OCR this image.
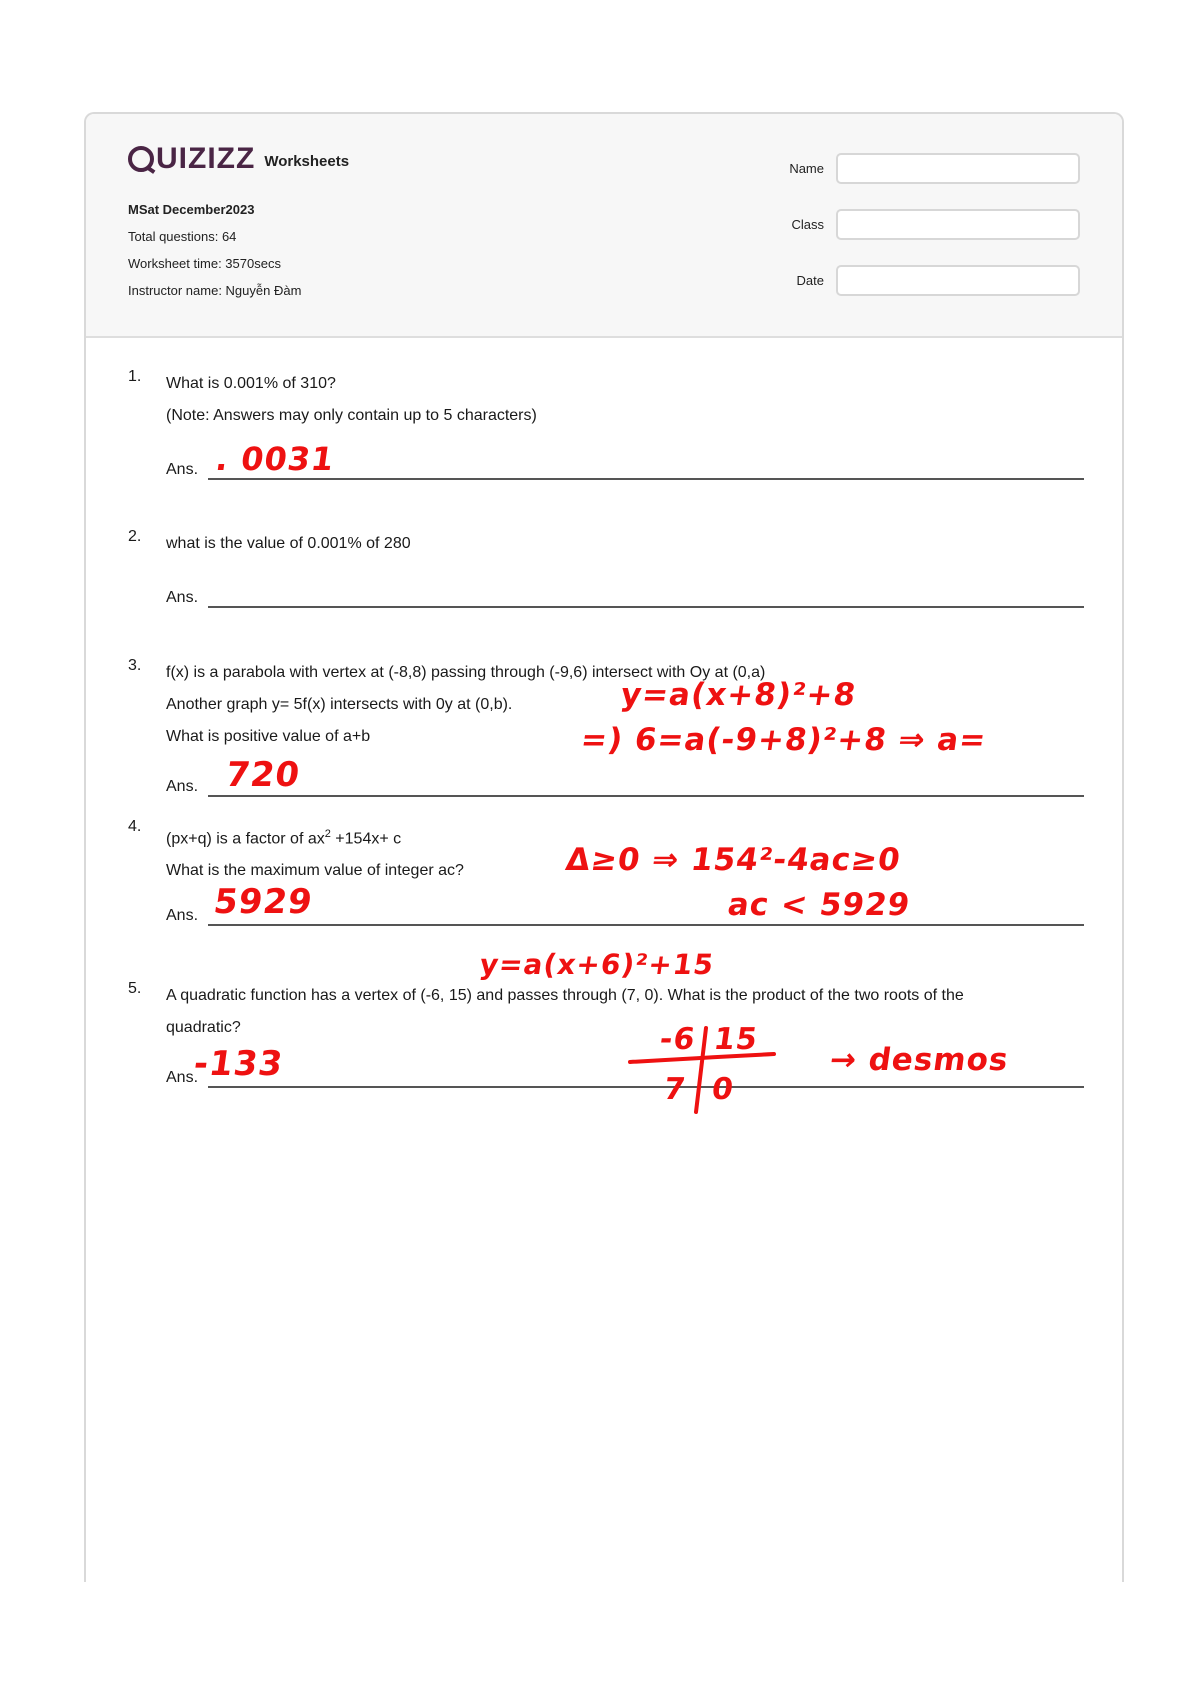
UIZIZZ Worksheets
MSat December2023
Total questions: 64
Worksheet time: 3570secs
Instructor name: Nguyễn Đàm
Name
Class
Date
1.	What is 0.001% of 310?
(Note: Answers may only contain up to 5 characters)
Ans. . 0031
2.	what is the value of 0.001% of 280
Ans.
3.	f(x) is a parabola with vertex at (-8,8) passing through (-9,6) intersect with Oy at (0,a)
Another graph y= 5f(x) intersects with 0y at (0,b).
What is positive value of a+b
Ans. 720
4.
(px+q) is a factor of $ax^2 +154x+ c$
What is the maximum value of integer ac?
Ans. 5929
5.	A quadratic function has a vertex of (-6, 15) and passes through (7, 0). What is the product of the two roots of the
quadratic?
Ans.
-133
y=a(x+8)²+8
=) 6=a(-9+8)²+8 ⇒ a=
Δ≥0 ⇒ 154²-4ac≥0
ac < 5929
y=a(x+6)²+15
-6 15
7 0
→ desmos
